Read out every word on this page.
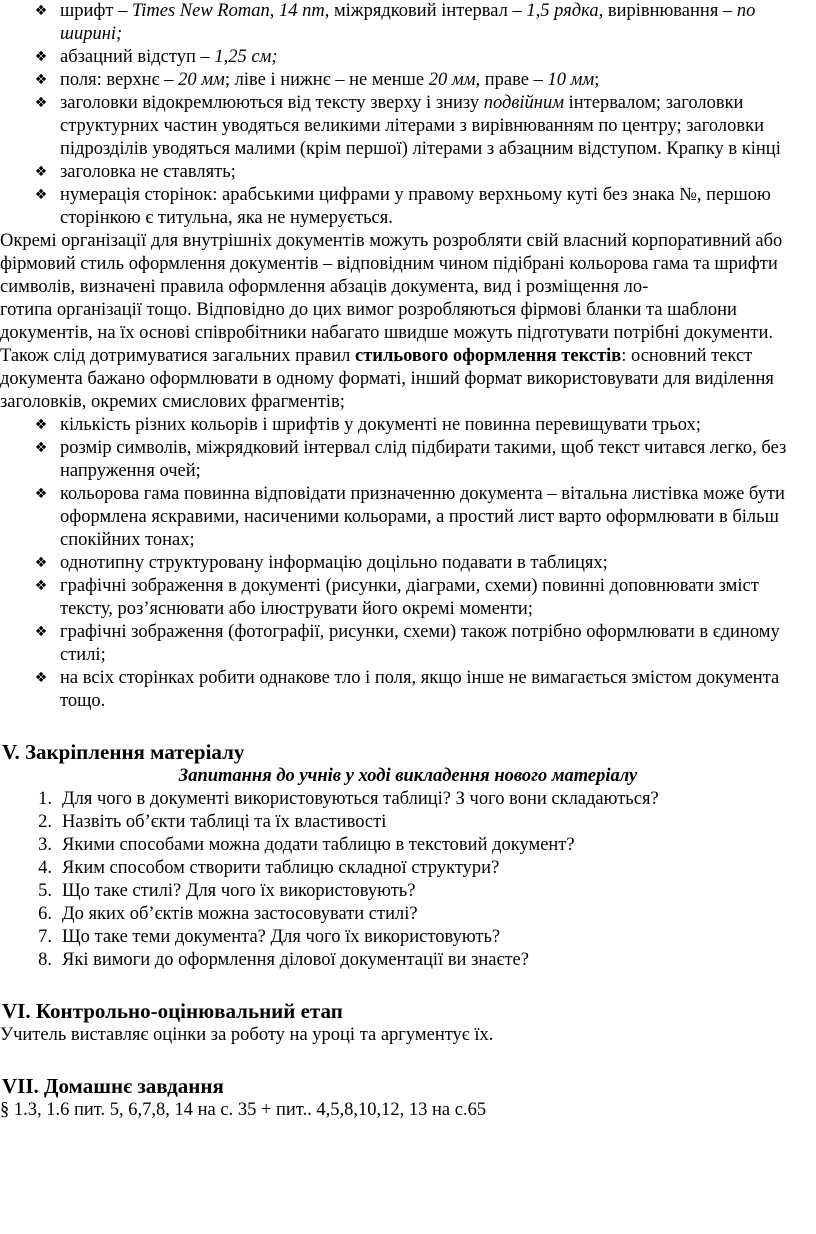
❖ шрифт – Times New Roman, 14 пт, міжрядковий інтервал – 1,5 рядка, вирівнювання – по ширині;
❖ абзацний відступ – 1,25 см;
❖ поля: верхнє – 20 мм; ліве і нижнє – не менше 20 мм, праве – 10 мм;
❖ заголовки відокремлюються від тексту зверху і знизу подвійним інтервалом; заголовки структурних частин уводяться великими літерами з вирівнюванням по центру; заголовки підрозділів уводяться малими (крім першої) літерами з абзацним відступом. Крапку в кінці
❖ заголовка не ставлять;
❖ нумерація сторінок: арабськими цифрами у правому верхньому куті без знака №, першою сторінкою є титульна, яка не нумерується.

Окремі організації для внутрішніх документів можуть розробляти свій власний корпоративний або фірмовий стиль оформлення документів – відповідним чином підібрані кольорова гама та шрифти символів, визначені правила оформлення абзаців документа, вид і розміщення ло-

готипа організації тощо. Відповідно до цих вимог розробляються фірмові бланки та шаблони документів, на їх основі співробітники набагато швидше можуть підготувати потрібні документи.

Також слід дотримуватися загальних правил стильового оформлення текстів: основний текст документа бажано оформлювати в одному форматі, інший формат використовувати для виділення заголовків, окремих смислових фрагментів;

❖ кількість різних кольорів і шрифтів у документі не повинна перевищувати трьох;
❖ розмір символів, міжрядковий інтервал слід підбирати такими, щоб текст читався легко, без напруження очей;
❖ кольорова гама повинна відповідати призначенню документа – вітальна листівка може бути оформлена яскравими, насиченими кольорами, а простий лист варто оформлювати в більш спокійних тонах;
❖ однотипну структуровану інформацію доцільно подавати в таблицях;
❖ графічні зображення в документі (рисунки, діаграми, схеми) повинні доповнювати зміст тексту, роз’яснювати або ілюструвати його окремі моменти;
❖ графічні зображення (фотографії, рисунки, схеми) також потрібно оформлювати в єдиному стилі;
❖ на всіх сторінках робити однакове тло і поля, якщо інше не вимагається змістом документа тощо.
V. Закріплення матеріалу

Запитання до учнів у ході викладення нового матеріалу

1. Для чого в документі використовуються таблиці? З чого вони складаються?
2. Назвіть об’єкти таблиці та їх властивості
3. Якими способами можна додати таблицю в текстовий документ?
4. Яким способом створити таблицю складної структури?
5. Що таке стилі? Для чого їх використовують?
6. До яких об’єктів можна застосовувати стилі?
7. Що таке теми документа? Для чого їх використовують?
8. Які вимоги до оформлення ділової документації ви знаєте?
VI. Контрольно-оцінювальний етап

Учитель виставляє оцінки за роботу на уроці та аргументує їх.

VII. Домашнє завдання

§ 1.3, 1.6 пит. 5, 6,7,8, 14 на с. 35 + пит.. 4,5,8,10,12, 13 на с.65
